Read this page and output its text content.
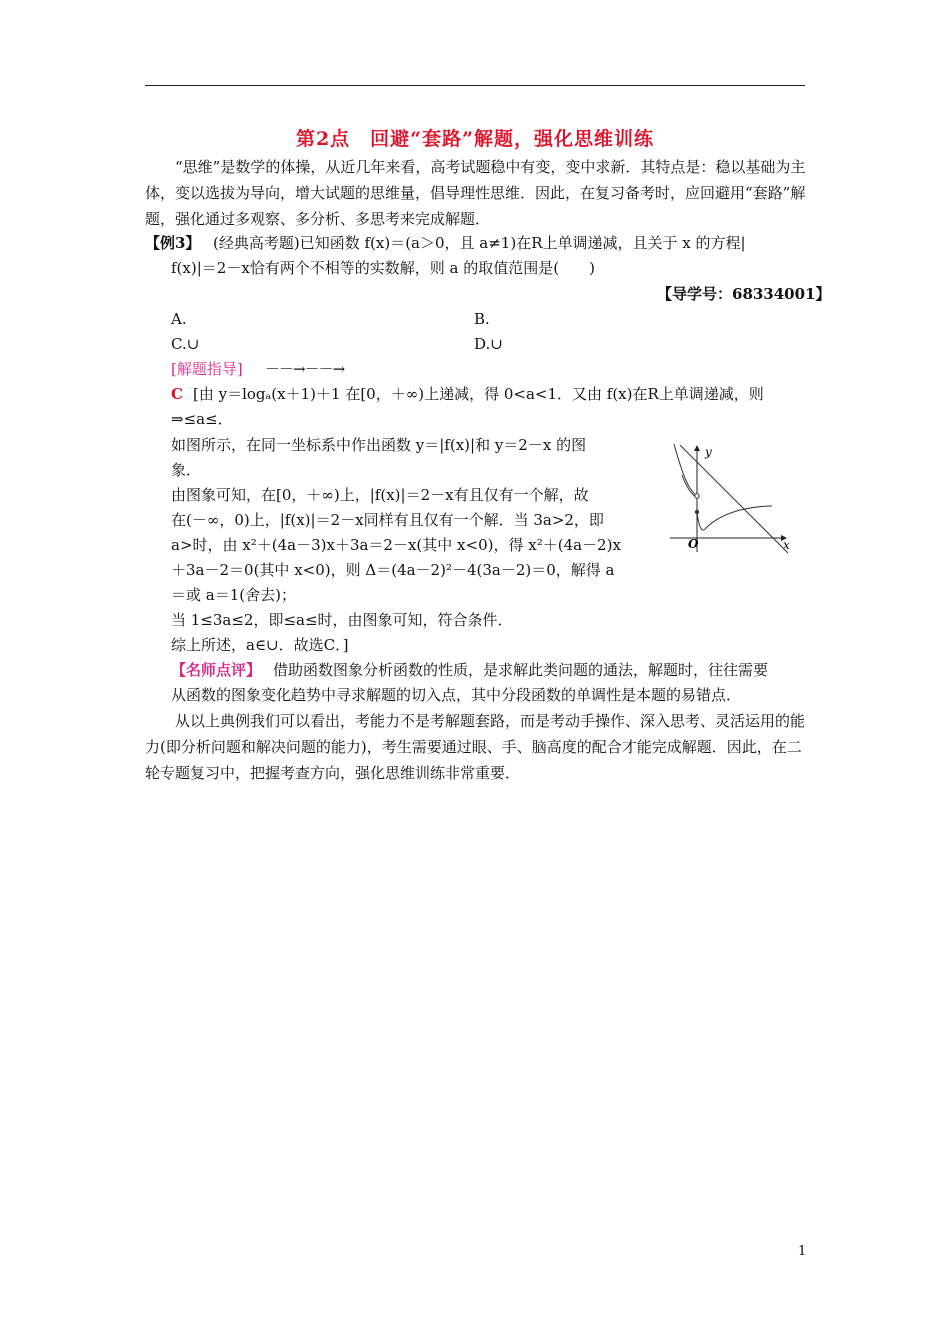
第2点　回避“套路”解题，强化思维训练
“思维”是数学的体操，从近几年来看，高考试题稳中有变，变中求新．其特点是：稳以基础为主体，变以选拔为导向，增大试题的思维量，倡导理性思维．因此，在复习备考时，应回避用“套路”解题，强化通过多观察、多分析、多思考来完成解题．
【例3】 (经典高考题)已知函数 f(x)＝(a＞0，且 a≠1)在R上单调递减，且关于 x 的方程|
f(x)|＝2－x恰有两个不相等的实数解，则 a 的取值范围是(　　)
【导学号：68334001】
A.	B.
C.∪	D.∪
[解题指导] －－→－－→
C [由 y＝logₐ(x＋1)＋1 在[0，＋∞)上递减，得 0<a<1．又由 f(x)在R上单调递减，则
⇒≤a≤．
如图所示，在同一坐标系中作出函数 y＝|f(x)|和 y＝2－x 的图
象．
由图象可知，在[0，＋∞)上，|f(x)|＝2－x有且仅有一个解，故
在(－∞，0)上，|f(x)|＝2－x同样有且仅有一个解．当 3a>2，即
a>时，由 x²＋(4a－3)x＋3a＝2－x(其中 x<0)，得 x²＋(4a－2)x
＋3a－2＝0(其中 x<0)，则 Δ＝(4a－2)²－4(3a－2)＝0，解得 a
＝或 a＝1(舍去)；
当 1≤3a≤2，即≤a≤时，由图象可知，符合条件．
综上所述，a∈∪．故选C．]
y
x
O
【名师点评】 借助函数图象分析函数的性质，是求解此类问题的通法，解题时，往往需要
从函数的图象变化趋势中寻求解题的切入点，其中分段函数的单调性是本题的易错点．
从以上典例我们可以看出，考能力不是考解题套路，而是考动手操作、深入思考、灵活运用的能力(即分析问题和解决问题的能力)，考生需要通过眼、手、脑高度的配合才能完成解题．因此，在二轮专题复习中，把握考查方向，强化思维训练非常重要．
1
